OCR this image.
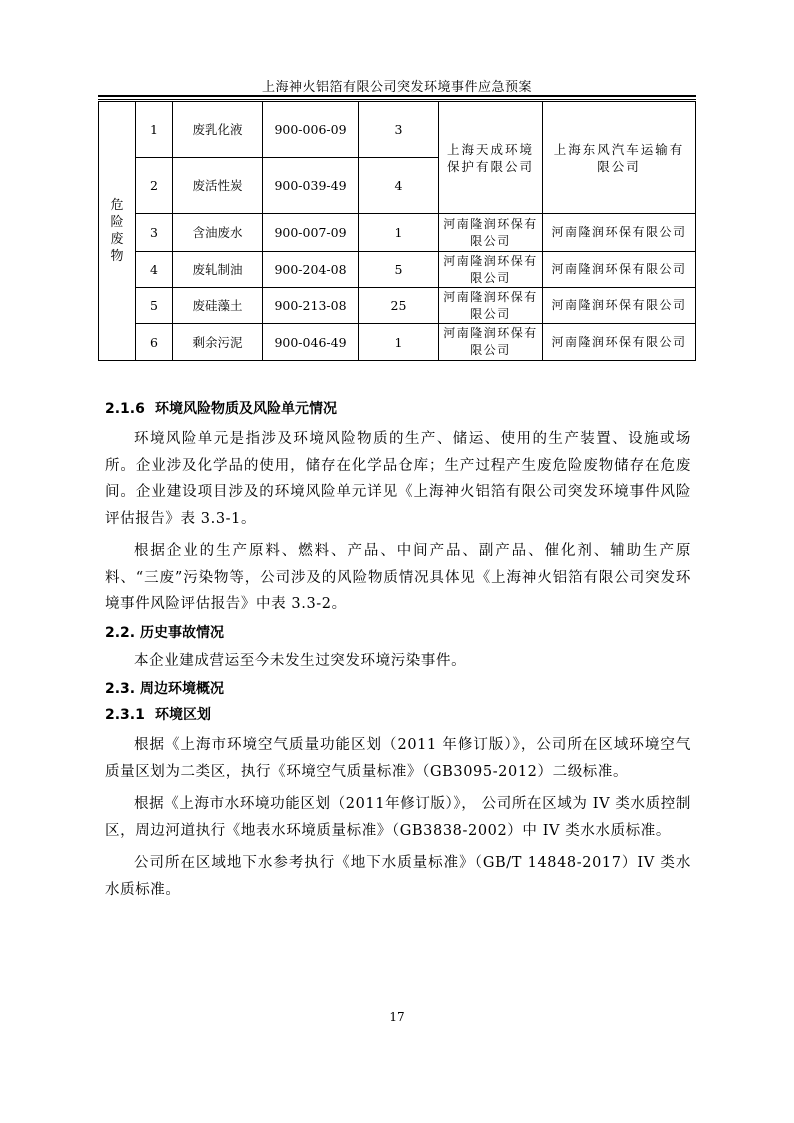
上海神火铝箔有限公司突发环境事件应急预案
危
险
废
物	1	废乳化液	900-006-09	3	上海天成环境保护有限公司	上海东风汽车运输有限公司
	2	废活性炭	900-039-49	4		
	3	含油废水	900-007-09	1	河南隆润环保有限公司	河南隆润环保有限公司
	4	废轧制油	900-204-08	5	河南隆润环保有限公司	河南隆润环保有限公司
	5	废硅藻土	900-213-08	25	河南隆润环保有限公司	河南隆润环保有限公司
	6	剩余污泥	900-046-49	1	河南隆润环保有限公司	河南隆润环保有限公司
2.1.6 环境风险物质及风险单元情况

环境风险单元是指涉及环境风险物质的生产、储运、使用的生产装置、设施或场所。企业涉及化学品的使用，储存在化学品仓库；生产过程产生废危险废物储存在危废间。企业建设项目涉及的环境风险单元详见《上海神火铝箔有限公司突发环境事件风险评估报告》表 3.3-1。

根据企业的生产原料、燃料、产品、中间产品、副产品、催化剂、辅助生产原料、“三废”污染物等，公司涉及的风险物质情况具体见《上海神火铝箔有限公司突发环境事件风险评估报告》中表 3.3-2。

2.2. 历史事故情况

本企业建成营运至今未发生过突发环境污染事件。

2.3. 周边环境概况
2.3.1 环境区划

根据《上海市环境空气质量功能区划（2011 年修订版）》，公司所在区域环境空气质量区划为二类区，执行《环境空气质量标准》（GB3095-2012）二级标准。

根据《上海市水环境功能区划（2011年修订版）》， 公司所在区域为 IV 类水质控制区，周边河道执行《地表水环境质量标准》（GB3838-2002）中 IV 类水水质标准。

公司所在区域地下水参考执行《地下水质量标准》（GB/T 14848-2017）IV 类水水质标准。

17
